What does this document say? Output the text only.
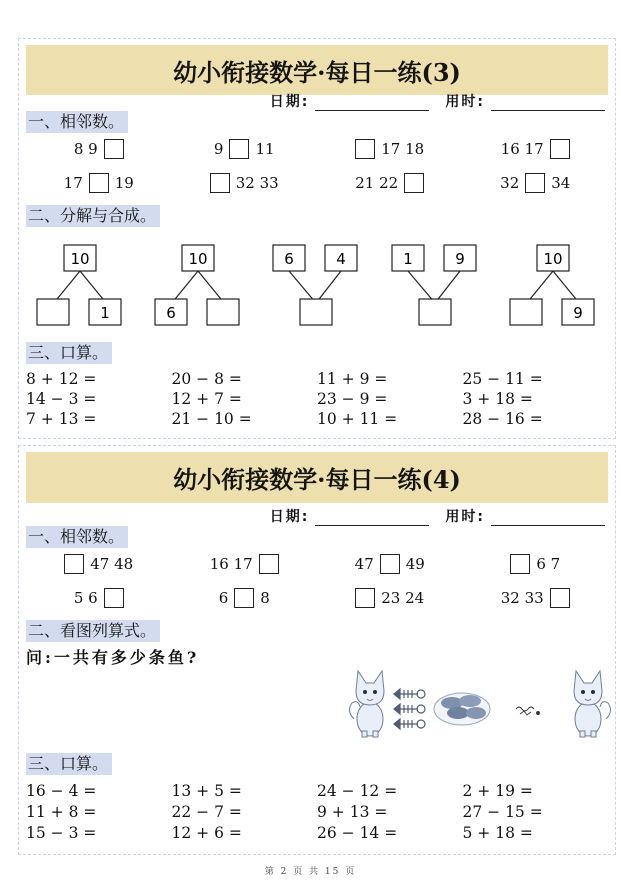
幼小衔接数学·每日一练(3)
日期:	用时:
一、相邻数。
8 9	9 11	17 18	16 17
17 19	32 33	21 22	32 34
二、分解与合成。
10
1
10
6
6	4	1	9	10
9
三、口算。
8 + 12 =	20 − 8 =	11 + 9 =	25 − 11 =
14 − 3 =	12 + 7 =	23 − 9 =	3 + 18 =
7 + 13 =	21 − 10 =	10 + 11 =	28 − 16 =
幼小衔接数学·每日一练(4)
日期:	用时:
一、相邻数。
47 48	16 17	47 49	6 7
5 6	6 8	23 24	32 33
二、看图列算式。
问:一共有多少条鱼?
三、口算。
16 − 4 =	13 + 5 =	24 − 12 =	2 + 19 =
11 + 8 =	22 − 7 =	9 + 13 =	27 − 15 =
15 − 3 =	12 + 6 =	26 − 14 =	5 + 18 =
第 2 页 共 15 页
